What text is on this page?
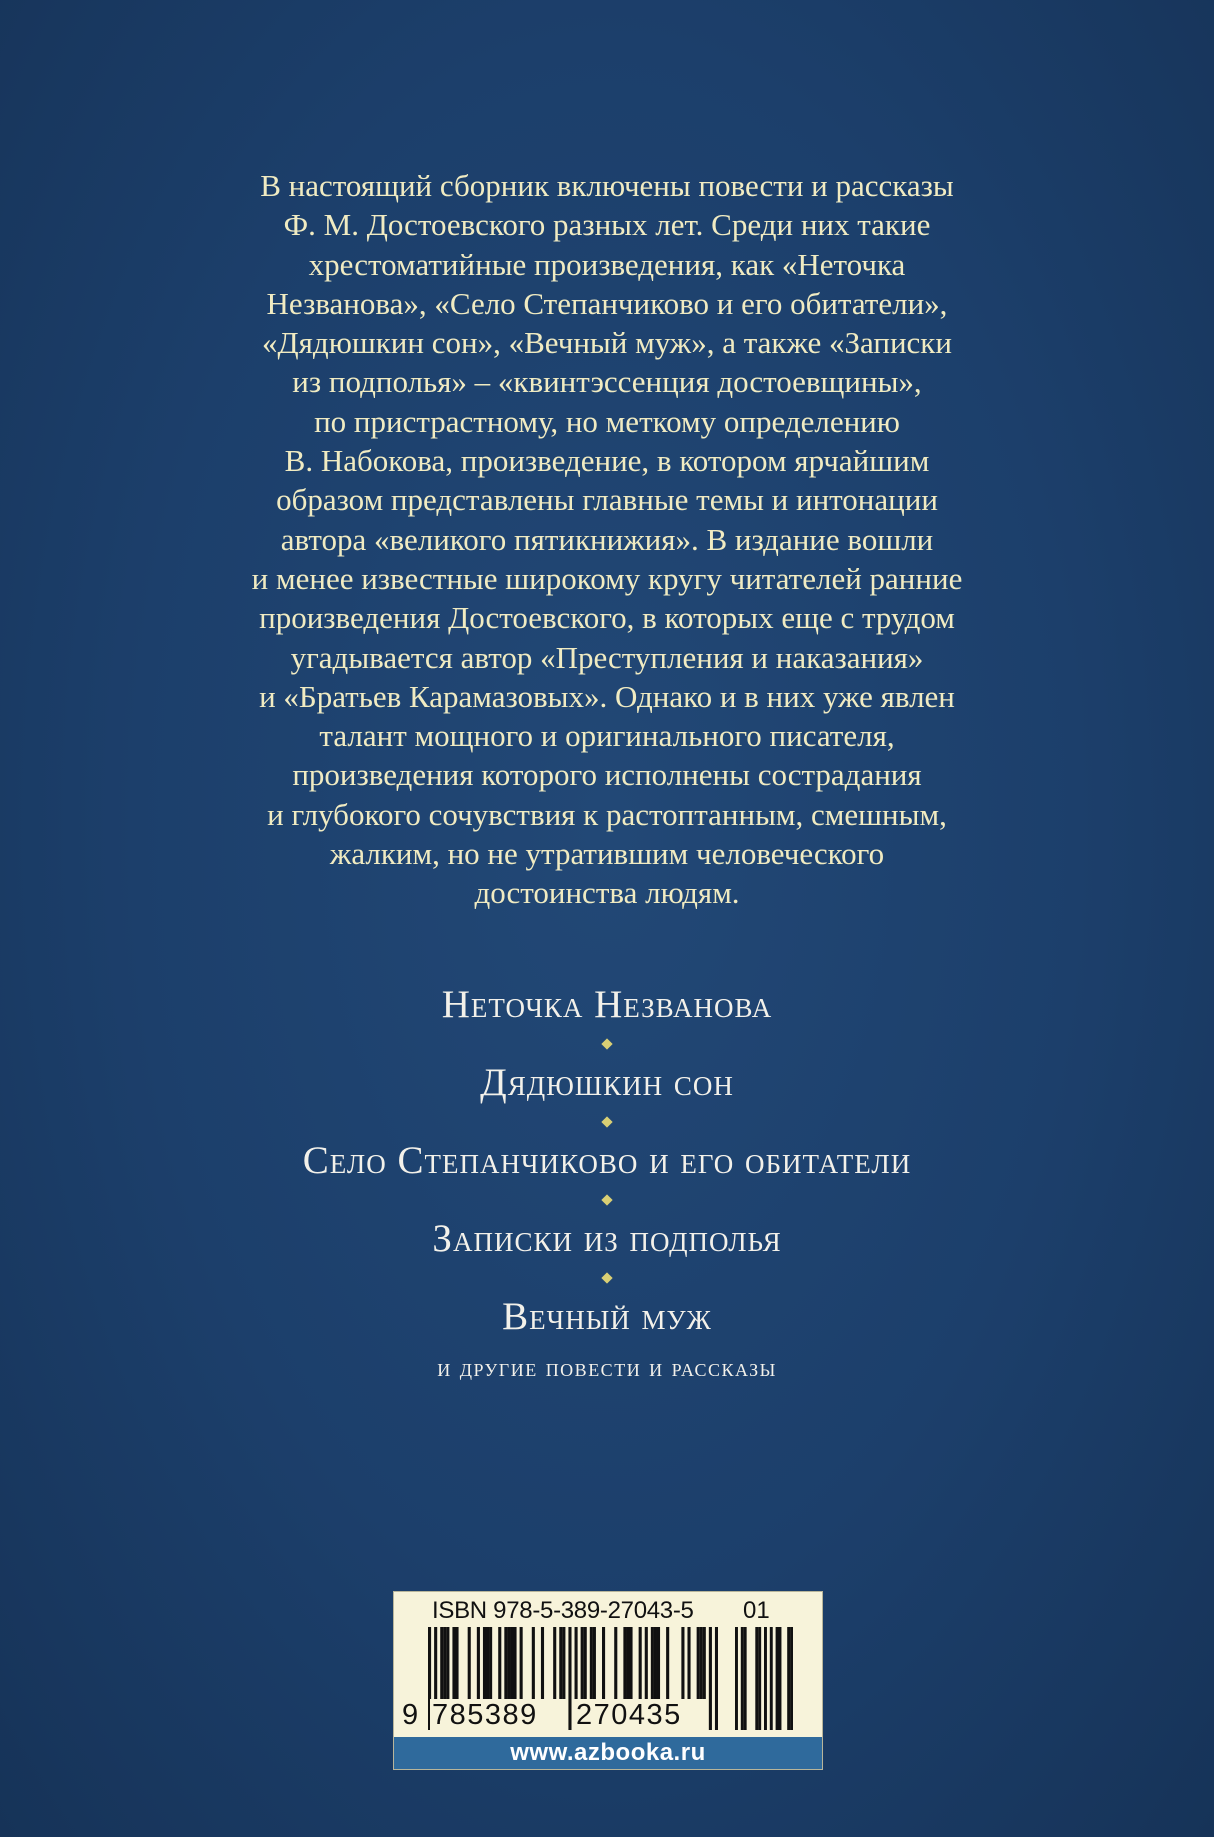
В настоящий сборник включены повести и рассказы
Ф. М. Достоевского разных лет. Среди них такие
хрестоматийные произведения, как «Неточка
Незванова», «Село Степанчиково и его обитатели»,
«Дядюшкин сон», «Вечный муж», а также «Записки
из подполья» – «квинтэссенция достоевщины»,
по пристрастному, но меткому определению
В. Набокова, произведение, в котором ярчайшим
образом представлены главные темы и интонации
автора «великого пятикнижия». В издание вошли
и менее известные широкому кругу читателей ранние
произведения Достоевского, в которых еще с трудом
угадывается автор «Преступления и наказания»
и «Братьев Карамазовых». Однако и в них уже явлен
талант мощного и оригинального писателя,
произведения которого исполнены сострадания
и глубокого сочувствия к растоптанным, смешным,
жалким, но не утратившим человеческого
достоинства людям.
Неточка Незванова
Дядюшкин сон
Село Степанчиково и его обитатели
Записки из подполья
Вечный муж
и другие повести и рассказы
ISBN 978-5-389-27043-5 01
9 785389 270435
www.azbooka.ru
